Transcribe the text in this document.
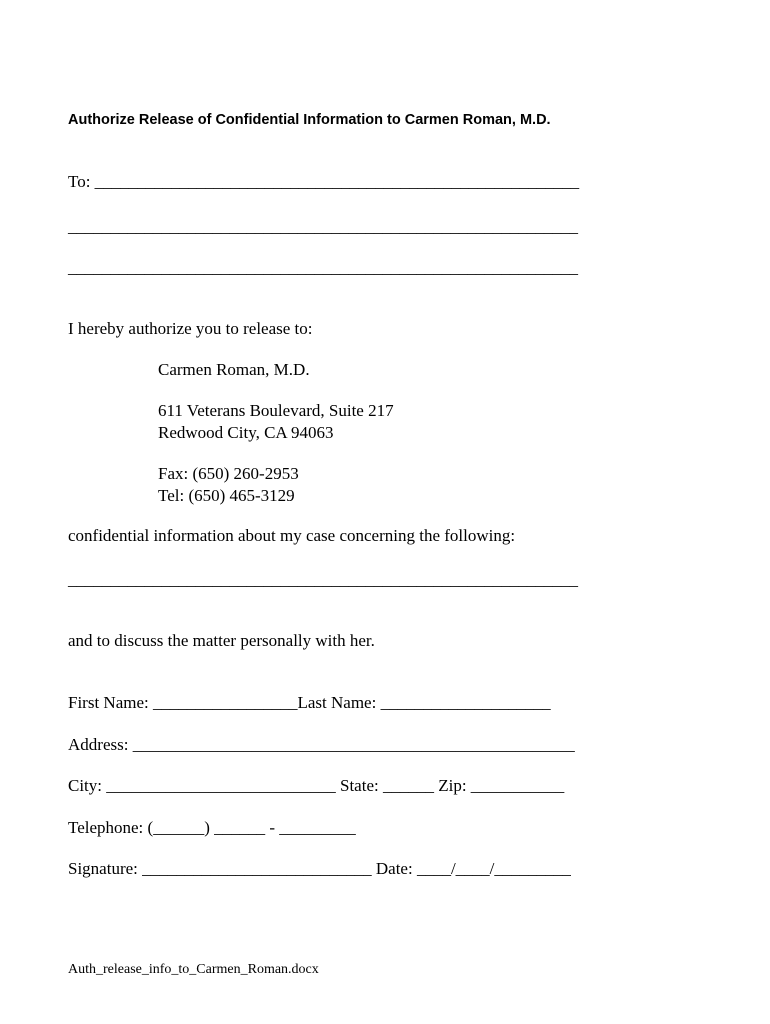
Authorize Release of Confidential Information to Carmen Roman, M.D.

To: _________________________________________________________

____________________________________________________________

____________________________________________________________

I hereby authorize you to release to:

Carmen Roman, M.D.

611 Veterans Boulevard, Suite 217

Redwood City, CA 94063

Fax: (650) 260-2953

Tel: (650) 465-3129

confidential information about my case concerning the following:

____________________________________________________________

and to discuss the matter personally with her.

First Name: _________________Last Name: ____________________

Address: ____________________________________________________

City: ___________________________ State: ______ Zip: ___________

Telephone: (______) ______ - _________

Signature: ___________________________ Date: ____/____/_________

Auth_release_info_to_Carmen_Roman.docx
